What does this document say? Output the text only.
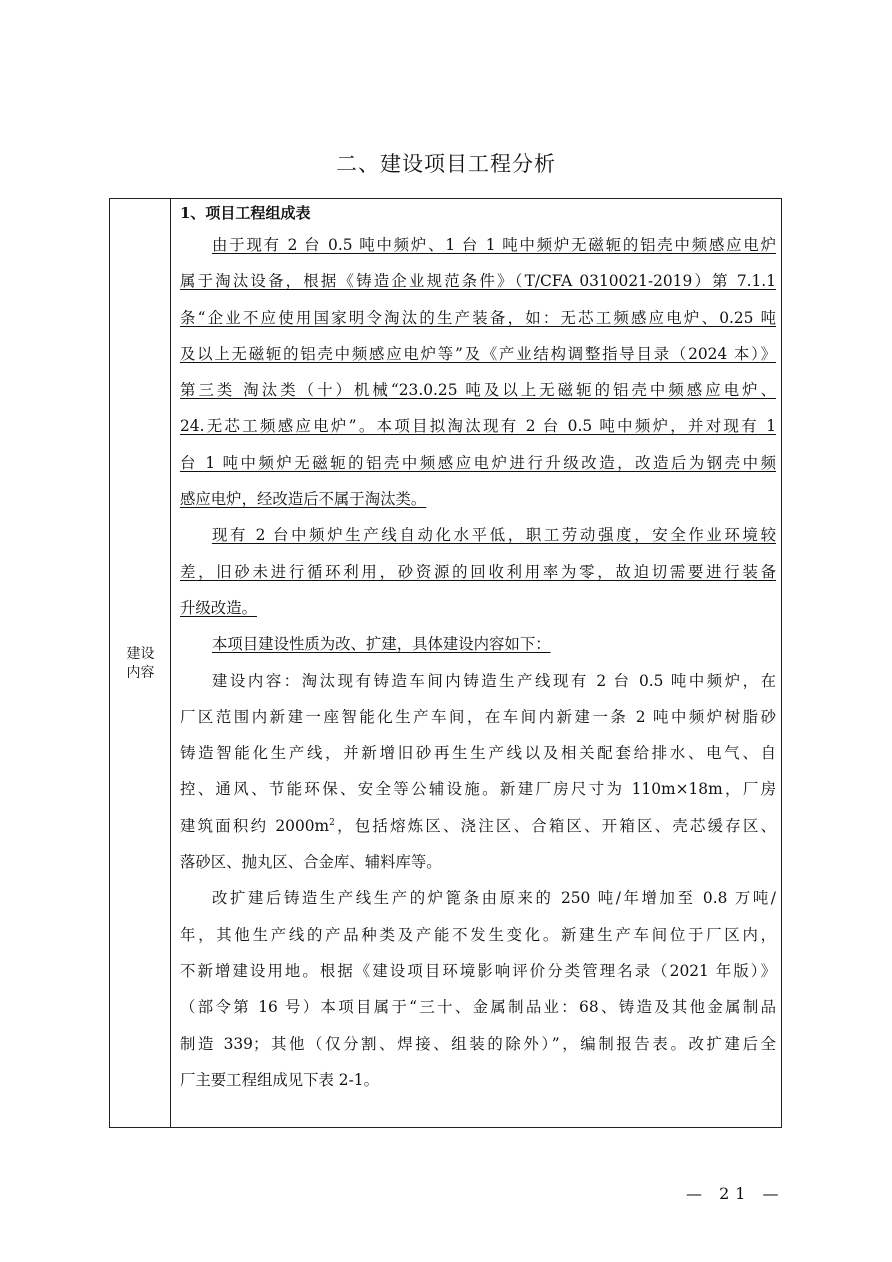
二、建设项目工程分析
建设
内容
1、项目工程组成表
由于现有 2 台 0.5 吨中频炉、1 台 1 吨中频炉无磁轭的铝壳中频感应电炉
属于淘汰设备，根据《铸造企业规范条件》（T/CFA 0310021-2019）第 7.1.1
条“企业不应使用国家明令淘汰的生产装备，如：无芯工频感应电炉、0.25 吨
及以上无磁轭的铝壳中频感应电炉等”及《产业结构调整指导目录（2024 本）》
第三类 淘汰类（十）机械“23.0.25 吨及以上无磁轭的铝壳中频感应电炉、
24.无芯工频感应电炉”。本项目拟淘汰现有 2 台 0.5 吨中频炉，并对现有 1
台 1 吨中频炉无磁轭的铝壳中频感应电炉进行升级改造，改造后为钢壳中频
感应电炉，经改造后不属于淘汰类。
现有 2 台中频炉生产线自动化水平低，职工劳动强度，安全作业环境较
差，旧砂未进行循环利用，砂资源的回收利用率为零，故迫切需要进行装备
升级改造。
本项目建设性质为改、扩建，具体建设内容如下：
建设内容：淘汰现有铸造车间内铸造生产线现有 2 台 0.5 吨中频炉，在
厂区范围内新建一座智能化生产车间，在车间内新建一条 2 吨中频炉树脂砂
铸造智能化生产线，并新增旧砂再生生产线以及相关配套给排水、电气、自
控、通风、节能环保、安全等公辅设施。新建厂房尺寸为 110m×18m，厂房
建筑面积约 $2000m^2$，包括熔炼区、浇注区、合箱区、开箱区、壳芯缓存区、
落砂区、抛丸区、合金库、辅料库等。
改扩建后铸造生产线生产的炉篦条由原来的 250 吨/年增加至 0.8 万吨/
年，其他生产线的产品种类及产能不发生变化。新建生产车间位于厂区内，
不新增建设用地。根据《建设项目环境影响评价分类管理名录（2021 年版）》
（部令第 16 号）本项目属于“三十、金属制品业：68、铸造及其他金属制品
制造 339；其他（仅分割、焊接、组装的除外）”，编制报告表。改扩建后全
厂主要工程组成见下表 2-1。
— 21 —
